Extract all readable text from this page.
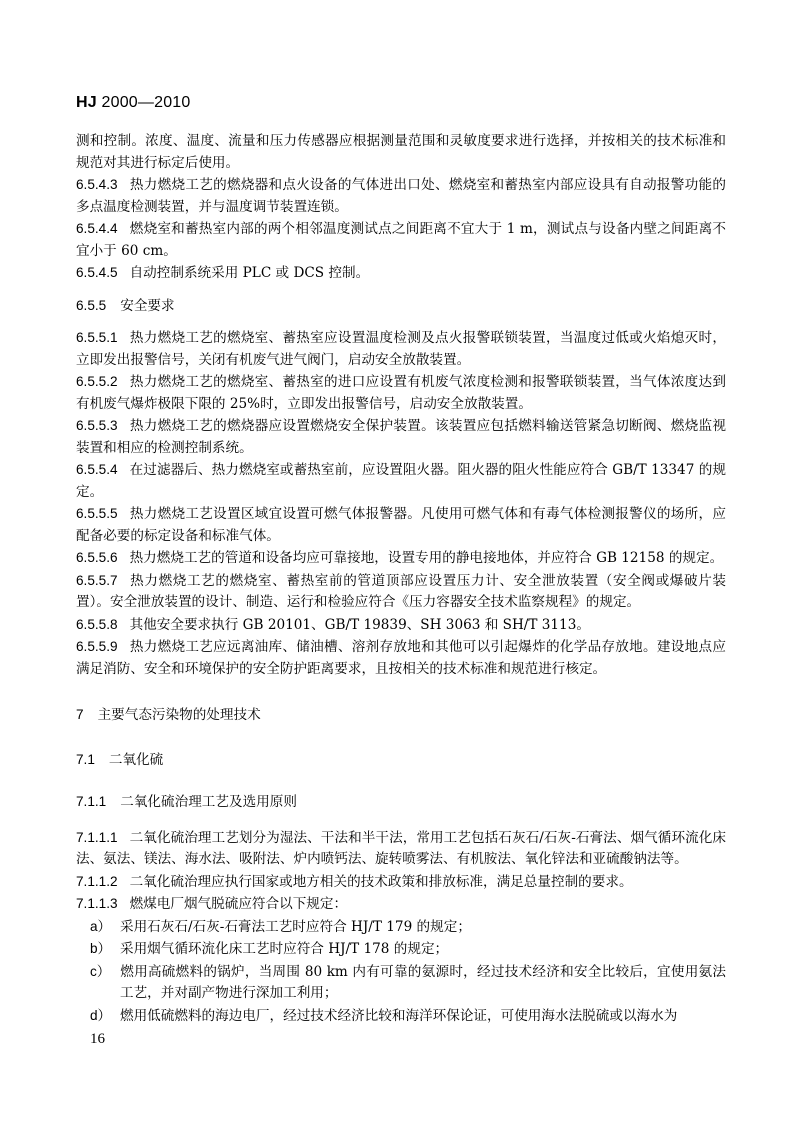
HJ 2000—2010

测和控制。浓度、温度、流量和压力传感器应根据测量范围和灵敏度要求进行选择，并按相关的技术标准和规范对其进行标定后使用。

6.5.4.3 热力燃烧工艺的燃烧器和点火设备的气体进出口处、燃烧室和蓄热室内部应设具有自动报警功能的多点温度检测装置，并与温度调节装置连锁。

6.5.4.4 燃烧室和蓄热室内部的两个相邻温度测试点之间距离不宜大于 1 m，测试点与设备内壁之间距离不宜小于 60 cm。

6.5.4.5 自动控制系统采用 PLC 或 DCS 控制。

6.5.5 安全要求

6.5.5.1 热力燃烧工艺的燃烧室、蓄热室应设置温度检测及点火报警联锁装置，当温度过低或火焰熄灭时，立即发出报警信号，关闭有机废气进气阀门，启动安全放散装置。

6.5.5.2 热力燃烧工艺的燃烧室、蓄热室的进口应设置有机废气浓度检测和报警联锁装置，当气体浓度达到有机废气爆炸极限下限的 25%时，立即发出报警信号，启动安全放散装置。

6.5.5.3 热力燃烧工艺的燃烧器应设置燃烧安全保护装置。该装置应包括燃料输送管紧急切断阀、燃烧监视装置和相应的检测控制系统。

6.5.5.4 在过滤器后、热力燃烧室或蓄热室前，应设置阻火器。阻火器的阻火性能应符合 GB/T 13347 的规定。

6.5.5.5 热力燃烧工艺设置区域宜设置可燃气体报警器。凡使用可燃气体和有毒气体检测报警仪的场所，应配备必要的标定设备和标准气体。

6.5.5.6 热力燃烧工艺的管道和设备均应可靠接地，设置专用的静电接地体，并应符合 GB 12158 的规定。

6.5.5.7 热力燃烧工艺的燃烧室、蓄热室前的管道顶部应设置压力计、安全泄放装置（安全阀或爆破片装置）。安全泄放装置的设计、制造、运行和检验应符合《压力容器安全技术监察规程》的规定。

6.5.5.8 其他安全要求执行 GB 20101、GB/T 19839、SH 3063 和 SH/T 3113。

6.5.5.9 热力燃烧工艺应远离油库、储油槽、溶剂存放地和其他可以引起爆炸的化学品存放地。建设地点应满足消防、安全和环境保护的安全防护距离要求，且按相关的技术标准和规范进行核定。

7 主要气态污染物的处理技术
7.1 二氧化硫
7.1.1 二氧化硫治理工艺及选用原则

7.1.1.1 二氧化硫治理工艺划分为湿法、干法和半干法，常用工艺包括石灰石/石灰-石膏法、烟气循环流化床法、氨法、镁法、海水法、吸附法、炉内喷钙法、旋转喷雾法、有机胺法、氧化锌法和亚硫酸钠法等。

7.1.1.2 二氧化硫治理应执行国家或地方相关的技术政策和排放标准，满足总量控制的要求。

7.1.1.3 燃煤电厂烟气脱硫应符合以下规定：

a） 采用石灰石/石灰-石膏法工艺时应符合 HJ/T 179 的规定；

b） 采用烟气循环流化床工艺时应符合 HJ/T 178 的规定；

c） 燃用高硫燃料的锅炉，当周围 80 km 内有可靠的氨源时，经过技术经济和安全比较后，宜使用氨法工艺，并对副产物进行深加工利用；

d） 燃用低硫燃料的海边电厂，经过技术经济比较和海洋环保论证，可使用海水法脱硫或以海水为

16
